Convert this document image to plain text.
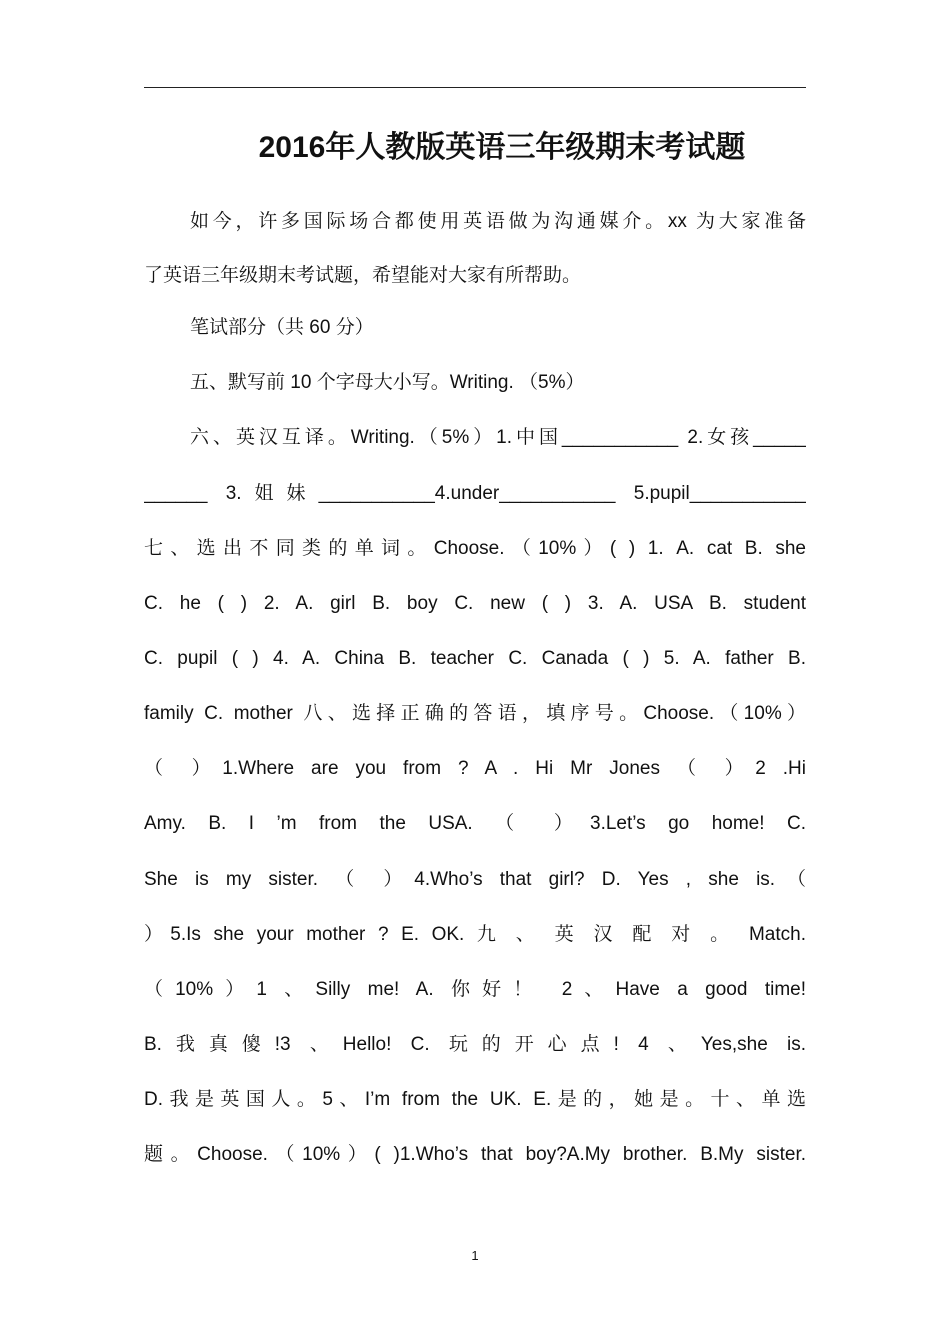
2016年人教版英语三年级期末考试题
如今，许多国际场合都使用英语做为沟通媒介。xx 为大家准备
了英语三年级期末考试题，希望能对大家有所帮助。
笔试部分（共 60 分）
五、默写前 10 个字母大小写。Writing. （5%）
六、英汉互译。Writing.（5%）1.中国___________ 2.女孩_____
______ 3.姐妹___________4.under___________ 5.pupil___________
七、选出不同类的单词。Choose.（10%）( ) 1. A. cat B. she
C. he ( ) 2. A. girl B. boy C. new ( ) 3. A. USA B. student
C. pupil ( ) 4. A. China B. teacher C. Canada ( ) 5. A. father B.
family C. mother 八、选择正确的答语，填序号。Choose.（10%）
（ ）1.Where are you from ? A . Hi Mr Jones （ ）2 .Hi
Amy. B. I ’m from the USA. （ ）3.Let’s go home! C.
She is my sister. （ ）4.Who’s that girl? D. Yes , she is.（
）5.Is she your mother ? E. OK. 九 、 英 汉 配 对 。 Match.
（10%）1 、Silly me! A. 你好！ 2、Have a good time!
B.我真傻!3 、Hello! C. 玩的开心点! 4 、Yes,she is.
D.我是英国人。5、I’m from the UK. E.是的，她是。十、单选
题。Choose.（10%）( )1.Who’s that boy?A.My brother. B.My sister.
1
